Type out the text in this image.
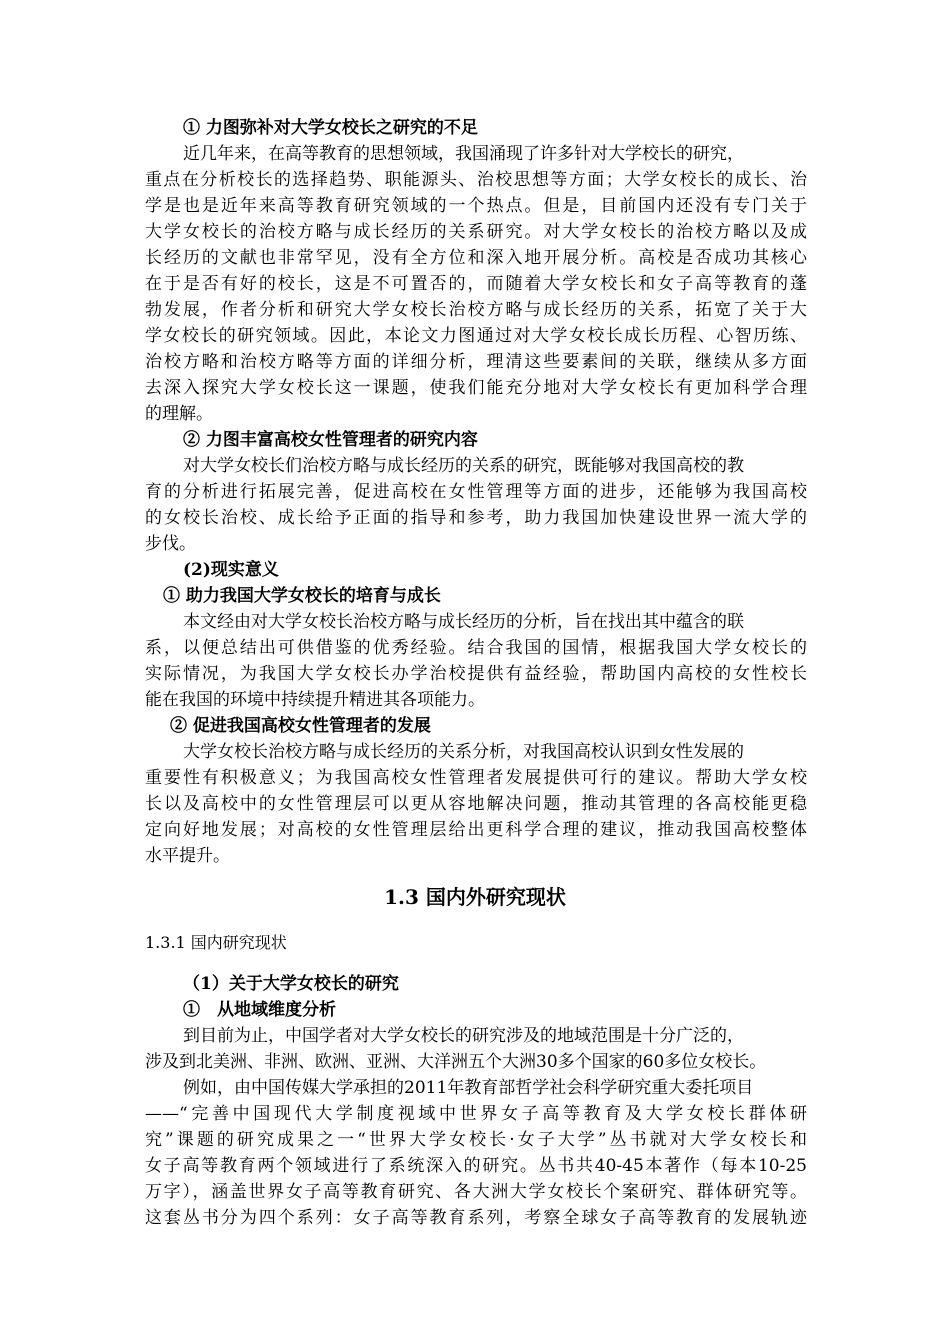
① 力图弥补对大学女校长之研究的不足
近几年来，在高等教育的思想领域，我国涌现了许多针对大学校长的研究，
重点在分析校长的选择趋势、职能源头、治校思想等方面；大学女校长的成长、治
学是也是近年来高等教育研究领域的一个热点。但是，目前国内还没有专门关于
大学女校长的治校方略与成长经历的关系研究。对大学女校长的治校方略以及成
长经历的文献也非常罕见，没有全方位和深入地开展分析。高校是否成功其核心
在于是否有好的校长，这是不可置否的，而随着大学女校长和女子高等教育的蓬
勃发展，作者分析和研究大学女校长治校方略与成长经历的关系，拓宽了关于大
学女校长的研究领域。因此，本论文力图通过对大学女校长成长历程、心智历练、
治校方略和治校方略等方面的详细分析，理清这些要素间的关联，继续从多方面
去深入探究大学女校长这一课题，使我们能充分地对大学女校长有更加科学合理
的理解。
② 力图丰富高校女性管理者的研究内容
对大学女校长们治校方略与成长经历的关系的研究，既能够对我国高校的教
育的分析进行拓展完善，促进高校在女性管理等方面的进步，还能够为我国高校
的女校长治校、成长给予正面的指导和参考，助力我国加快建设世界一流大学的
步伐。
(2)现实意义
① 助力我国大学女校长的培育与成长
本文经由对大学女校长治校方略与成长经历的分析，旨在找出其中蕴含的联
系，以便总结出可供借鉴的优秀经验。结合我国的国情，根据我国大学女校长的
实际情况，为我国大学女校长办学治校提供有益经验，帮助国内高校的女性校长
能在我国的环境中持续提升精进其各项能力。
② 促进我国高校女性管理者的发展
大学女校长治校方略与成长经历的关系分析，对我国高校认识到女性发展的
重要性有积极意义；为我国高校女性管理者发展提供可行的建议。帮助大学女校
长以及高校中的女性管理层可以更从容地解决问题，推动其管理的各高校能更稳
定向好地发展；对高校的女性管理层给出更科学合理的建议，推动我国高校整体
水平提升。
1.3 国内外研究现状
1.3.1 国内研究现状
（1）关于大学女校长的研究
①　从地域维度分析
到目前为止，中国学者对大学女校长的研究涉及的地域范围是十分广泛的，
涉及到北美洲、非洲、欧洲、亚洲、大洋洲五个大洲30多个国家的60多位女校长。
例如，由中国传媒大学承担的2011年教育部哲学社会科学研究重大委托项目
——“完善中国现代大学制度视域中世界女子高等教育及大学女校长群体研
究”课题的研究成果之一“世界大学女校长·女子大学”丛书就对大学女校长和
女子高等教育两个领域进行了系统深入的研究。丛书共40-45本著作（每本10-25
万字），涵盖世界女子高等教育研究、各大洲大学女校长个案研究、群体研究等。
这套丛书分为四个系列：女子高等教育系列，考察全球女子高等教育的发展轨迹
